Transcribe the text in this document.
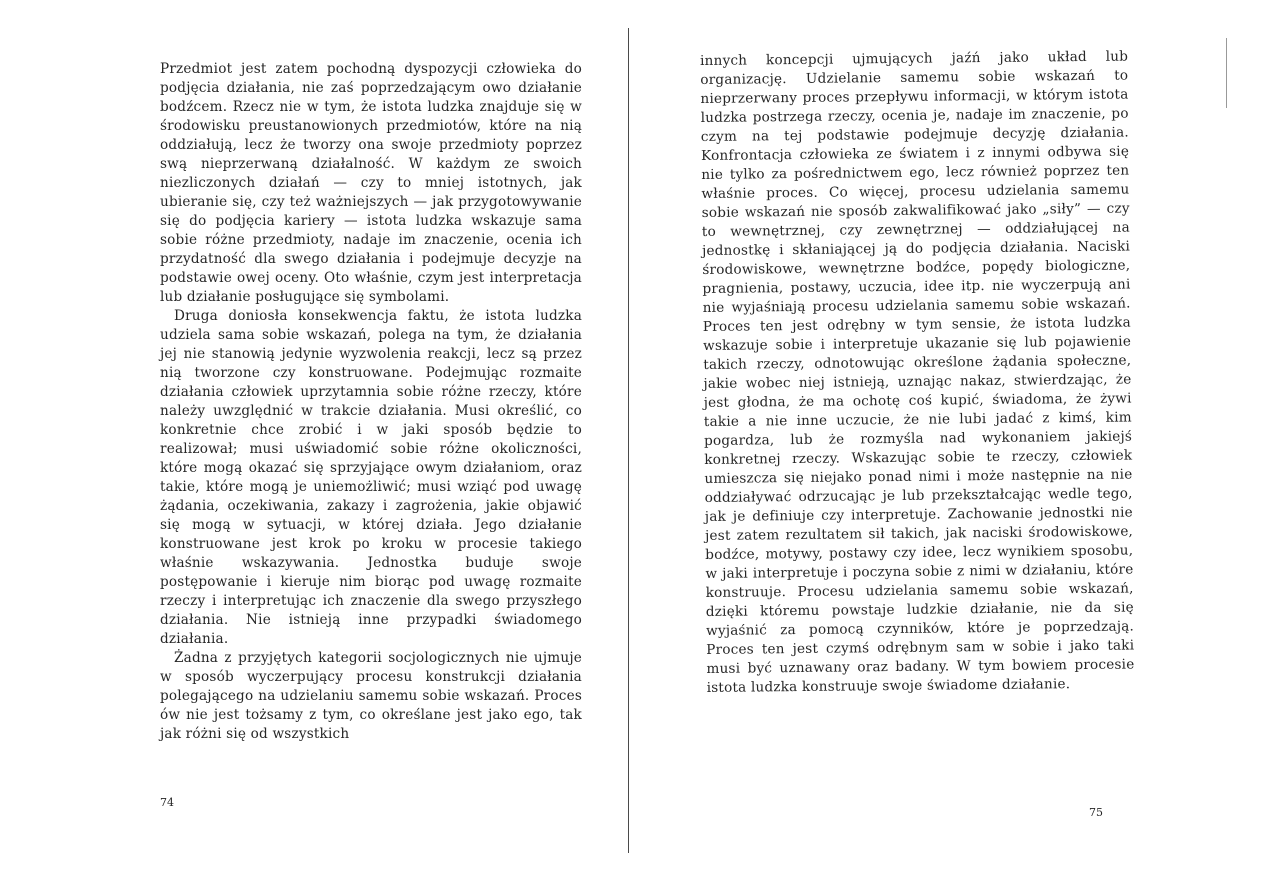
Przedmiot jest zatem pochodną dyspozycji człowieka do podjęcia działania, nie zaś poprzedzającym owo działanie bodźcem. Rzecz nie w tym, że istota ludzka znajduje się w środowisku preustanowionych przedmiotów, które na nią oddziałują, lecz że tworzy ona swoje przedmioty poprzez swą nieprzerwaną działalność. W każdym ze swoich niezliczonych działań — czy to mniej istotnych, jak ubieranie się, czy też ważniejszych — jak przygotowywanie się do podjęcia kariery — istota ludzka wskazuje sama sobie różne przedmioty, nadaje im znaczenie, ocenia ich przydatność dla swego działania i podejmuje decyzje na podstawie owej oceny. Oto właśnie, czym jest interpretacja lub działanie posługujące się symbolami.

Druga doniosła konsekwencja faktu, że istota ludzka udziela sama sobie wskazań, polega na tym, że działania jej nie stanowią jedynie wyzwolenia reakcji, lecz są przez nią tworzone czy konstruowane. Podejmując rozmaite działania człowiek uprzytamnia sobie różne rzeczy, które należy uwzględnić w trakcie działania. Musi określić, co konkretnie chce zrobić i w jaki sposób będzie to realizował; musi uświadomić sobie różne okoliczności, które mogą okazać się sprzyjające owym działaniom, oraz takie, które mogą je uniemożliwić; musi wziąć pod uwagę żądania, oczekiwania, zakazy i zagrożenia, jakie objawić się mogą w sytuacji, w której działa. Jego działanie konstruowane jest krok po kroku w procesie takiego właśnie wskazywania. Jednostka buduje swoje postępowanie i kieruje nim biorąc pod uwagę rozmaite rzeczy i interpretując ich znaczenie dla swego przyszłego działania. Nie istnieją inne przypadki świadomego działania.

Żadna z przyjętych kategorii socjologicznych nie ujmuje w sposób wyczerpujący procesu konstrukcji działania polegającego na udzielaniu samemu sobie wskazań. Proces ów nie jest tożsamy z tym, co określane jest jako ego, tak jak różni się od wszystkich

74

innych koncepcji ujmujących jaźń jako układ lub organizację. Udzielanie samemu sobie wskazań to nieprzerwany proces przepływu informacji, w którym istota ludzka postrzega rzeczy, ocenia je, nadaje im znaczenie, po czym na tej podstawie podejmuje decyzję działania. Konfrontacja człowieka ze światem i z innymi odbywa się nie tylko za pośrednictwem ego, lecz również poprzez ten właśnie proces. Co więcej, procesu udzielania samemu sobie wskazań nie sposób zakwalifikować jako „siły” — czy to wewnętrznej, czy zewnętrznej — oddziałującej na jednostkę i skłaniającej ją do podjęcia działania. Naciski środowiskowe, wewnętrzne bodźce, popędy biologiczne, pragnienia, postawy, uczucia, idee itp. nie wyczerpują ani nie wyjaśniają procesu udzielania samemu sobie wskazań. Proces ten jest odrębny w tym sensie, że istota ludzka wskazuje sobie i interpretuje ukazanie się lub pojawienie takich rzeczy, odnotowując określone żądania społeczne, jakie wobec niej istnieją, uznając nakaz, stwierdzając, że jest głodna, że ma ochotę coś kupić, świadoma, że żywi takie a nie inne uczucie, że nie lubi jadać z kimś, kim pogardza, lub że rozmyśla nad wykonaniem jakiejś konkretnej rzeczy. Wskazując sobie te rzeczy, człowiek umieszcza się niejako ponad nimi i może następnie na nie oddziaływać odrzucając je lub przekształcając wedle tego, jak je definiuje czy interpretuje. Zachowanie jednostki nie jest zatem rezultatem sił takich, jak naciski środowiskowe, bodźce, motywy, postawy czy idee, lecz wynikiem sposobu, w jaki interpretuje i poczyna sobie z nimi w działaniu, które konstruuje. Procesu udzielania samemu sobie wskazań, dzięki któremu powstaje ludzkie działanie, nie da się wyjaśnić za pomocą czynników, które je poprzedzają. Proces ten jest czymś odrębnym sam w sobie i jako taki musi być uznawany oraz badany. W tym bowiem procesie istota ludzka konstruuje swoje świadome działanie.

75
